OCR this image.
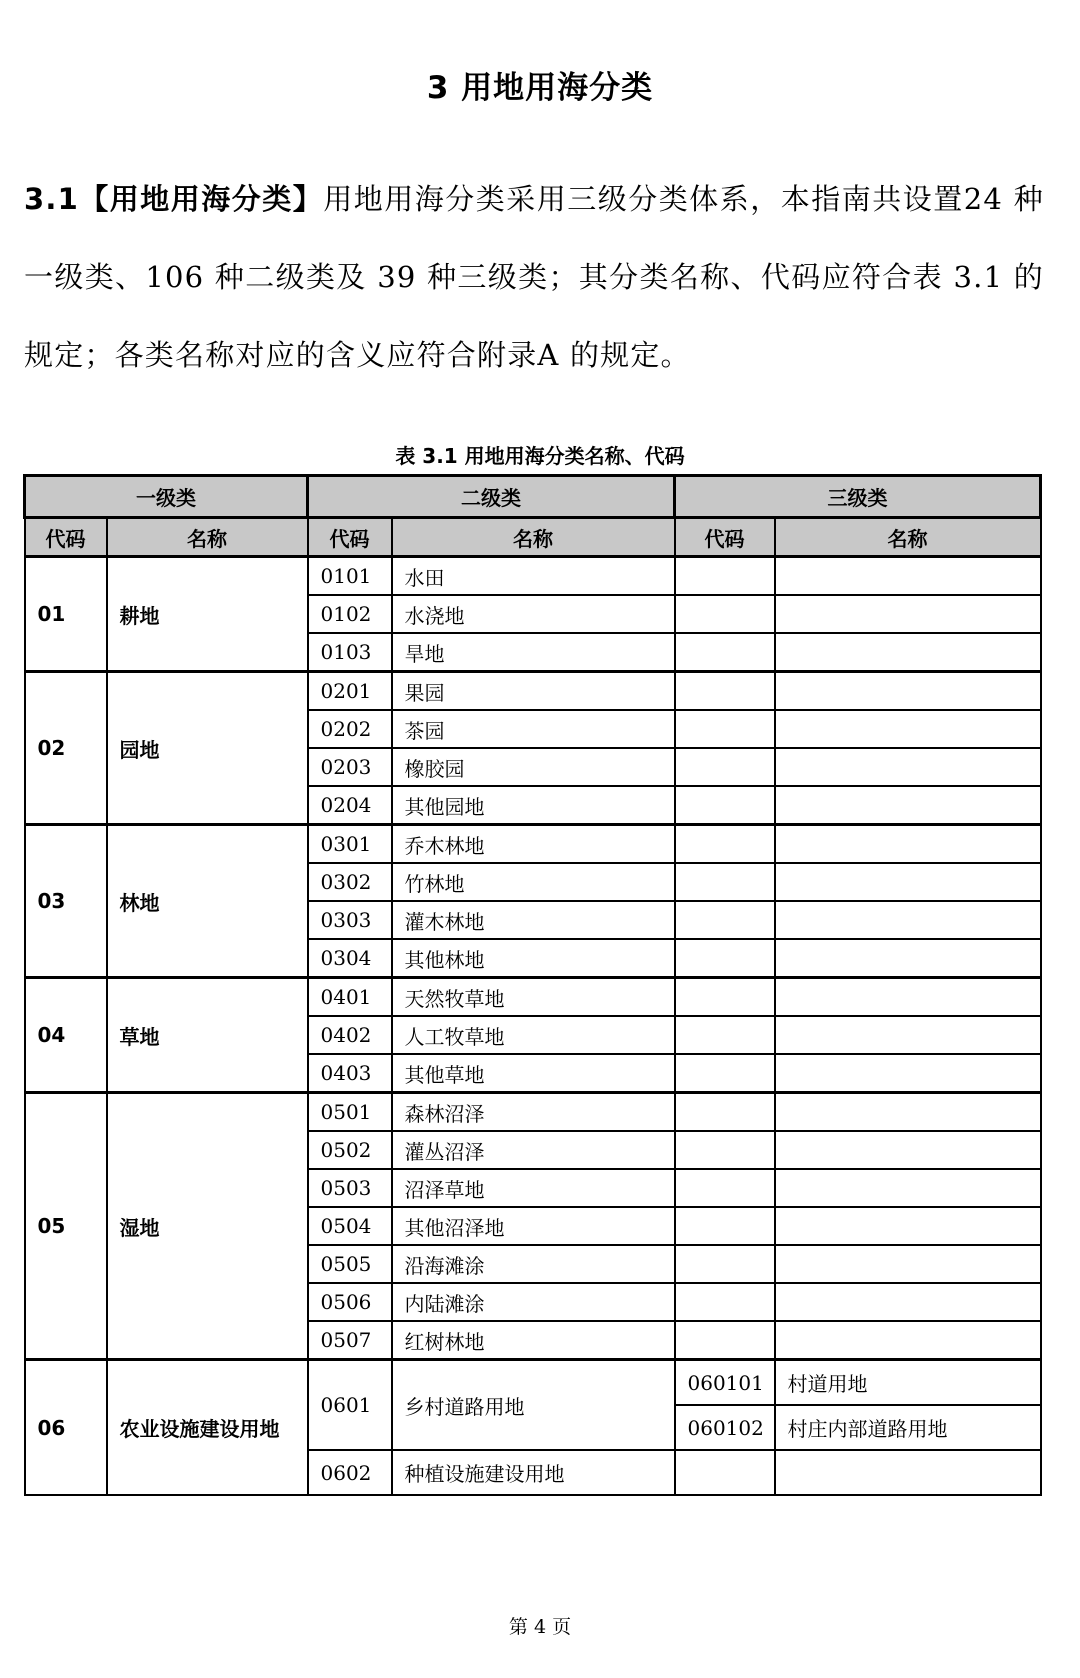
3 用地用海分类
3.1【用地用海分类】用地用海分类采用三级分类体系，本指南共设置24 种一级类、106 种二级类及 39 种三级类；其分类名称、代码应符合表 3.1 的规定；各类名称对应的含义应符合附录A 的规定。
表 3.1 用地用海分类名称、代码
一级类		二级类		三级类	
代码	名称	代码	名称	代码	名称
01	耕地	0101	水田		
		0102	水浇地		
		0103	旱地		
02	园地	0201	果园		
		0202	茶园		
		0203	橡胶园		
		0204	其他园地		
03	林地	0301	乔木林地		
		0302	竹林地		
		0303	灌木林地		
		0304	其他林地		
04	草地	0401	天然牧草地		
		0402	人工牧草地		
		0403	其他草地		
05	湿地	0501	森林沼泽		
		0502	灌丛沼泽		
		0503	沼泽草地		
		0504	其他沼泽地		
		0505	沿海滩涂		
		0506	内陆滩涂		
		0507	红树林地		
06	农业设施建设用地	0601	乡村道路用地	060101	村道用地
				060102	村庄内部道路用地
		0602	种植设施建设用地		
第 4 页
